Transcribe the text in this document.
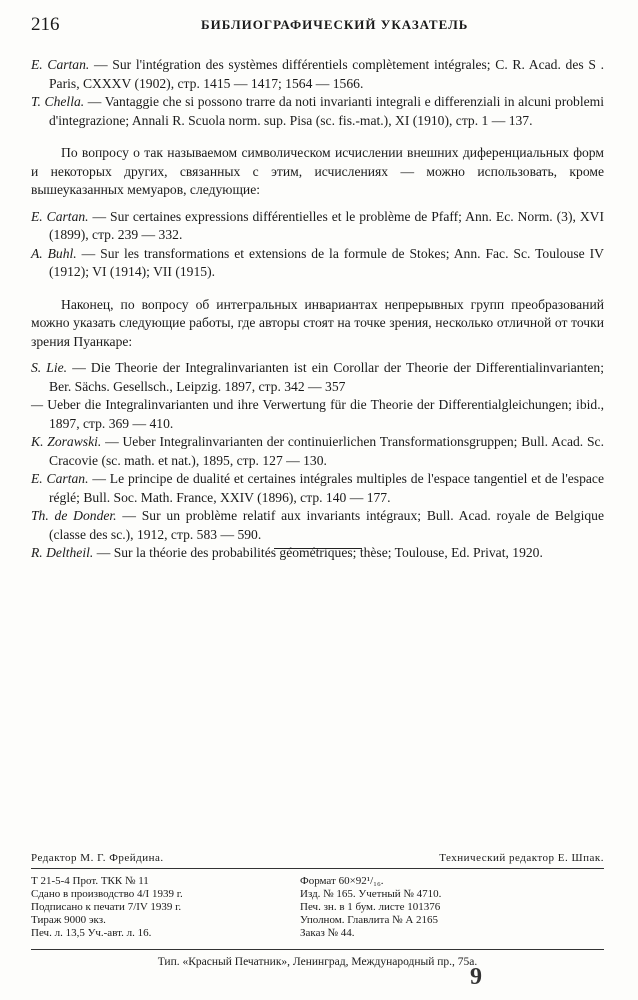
216	БИБЛИОГРАФИЧЕСКИЙ УКАЗАТЕЛЬ

E. Cartan. — Sur l'intégration des systèmes différentiels complètement intégrales; C. R. Acad. des S . Paris, CXXXV (1902), стр. 1415 — 1417; 1564 — 1566.

T. Chella. — Vantaggie che si possono trarre da noti invarianti integrali e differenziali in alcuni problemi d'integrazione; Annali R. Scuola norm. sup. Pisa (sc. fis.-mat.), XI (1910), стр. 1 — 137.

По вопросу о так называемом символическом исчислении внешних диференциальных форм и некоторых других, связанных с этим, исчислениях — можно использовать, кроме вышеуказанных мемуаров, следующие:

E. Cartan. — Sur certaines expressions différentielles et le problème de Pfaff; Ann. Ec. Norm. (3), XVI (1899), стр. 239 — 332.

A. Buhl. — Sur les transformations et extensions de la formule de Stokes; Ann. Fac. Sc. Toulouse IV (1912); VI (1914); VII (1915).

Наконец, по вопросу об интегральных инвариантах непрерывных групп преобразований можно указать следующие работы, где авторы стоят на точке зрения, несколько отличной от точки зрения Пуанкаре:

S. Lie. — Die Theorie der Integralinvarianten ist ein Corollar der Theorie der Differentialinvarianten; Ber. Sächs. Gesellsch., Leipzig. 1897, стр. 342 — 357

— Ueber die Integralinvarianten und ihre Verwertung für die Theorie der Differentialgleichungen; ibid., 1897, стр. 369 — 410.

K. Zorawski. — Ueber Integralinvarianten der continuierlichen Transformationsgruppen; Bull. Acad. Sc. Cracovie (sc. math. et nat.), 1895, стр. 127 — 130.

E. Cartan. — Le principe de dualité et certaines intégrales multiples de l'espace tangentiel et de l'espace réglé; Bull. Soc. Math. France, XXIV (1896), стр. 140 — 177.

Th. de Donder. — Sur un problème relatif aux invariants intégraux; Bull. Acad. royale de Belgique (classe des sc.), 1912, стр. 583 — 590.

R. Deltheil. — Sur la théorie des probabilités géométriques; thèse; Toulouse, Ed. Privat, 1920.

Редактор М. Г. Фрейдина.	Технический редактор Е. Шпак.
Т 21-5-4 Прот. ТКК № 11
Сдано в производство 4/I 1939 г.
Подписано к печати 7/IV 1939 г.
Тираж 9000 экз.
Печ. л. 13,5 Уч.-авт. л. 16.
Формат 60×92¹/₁₆.
Изд. № 165. Учетный № 4710.
Печ. зн. в 1 бум. листе 101376
Уполном. Главлита № А 2165
Заказ № 44.
Тип. «Красный Печатник», Ленинград, Международный пр., 75а.
9
